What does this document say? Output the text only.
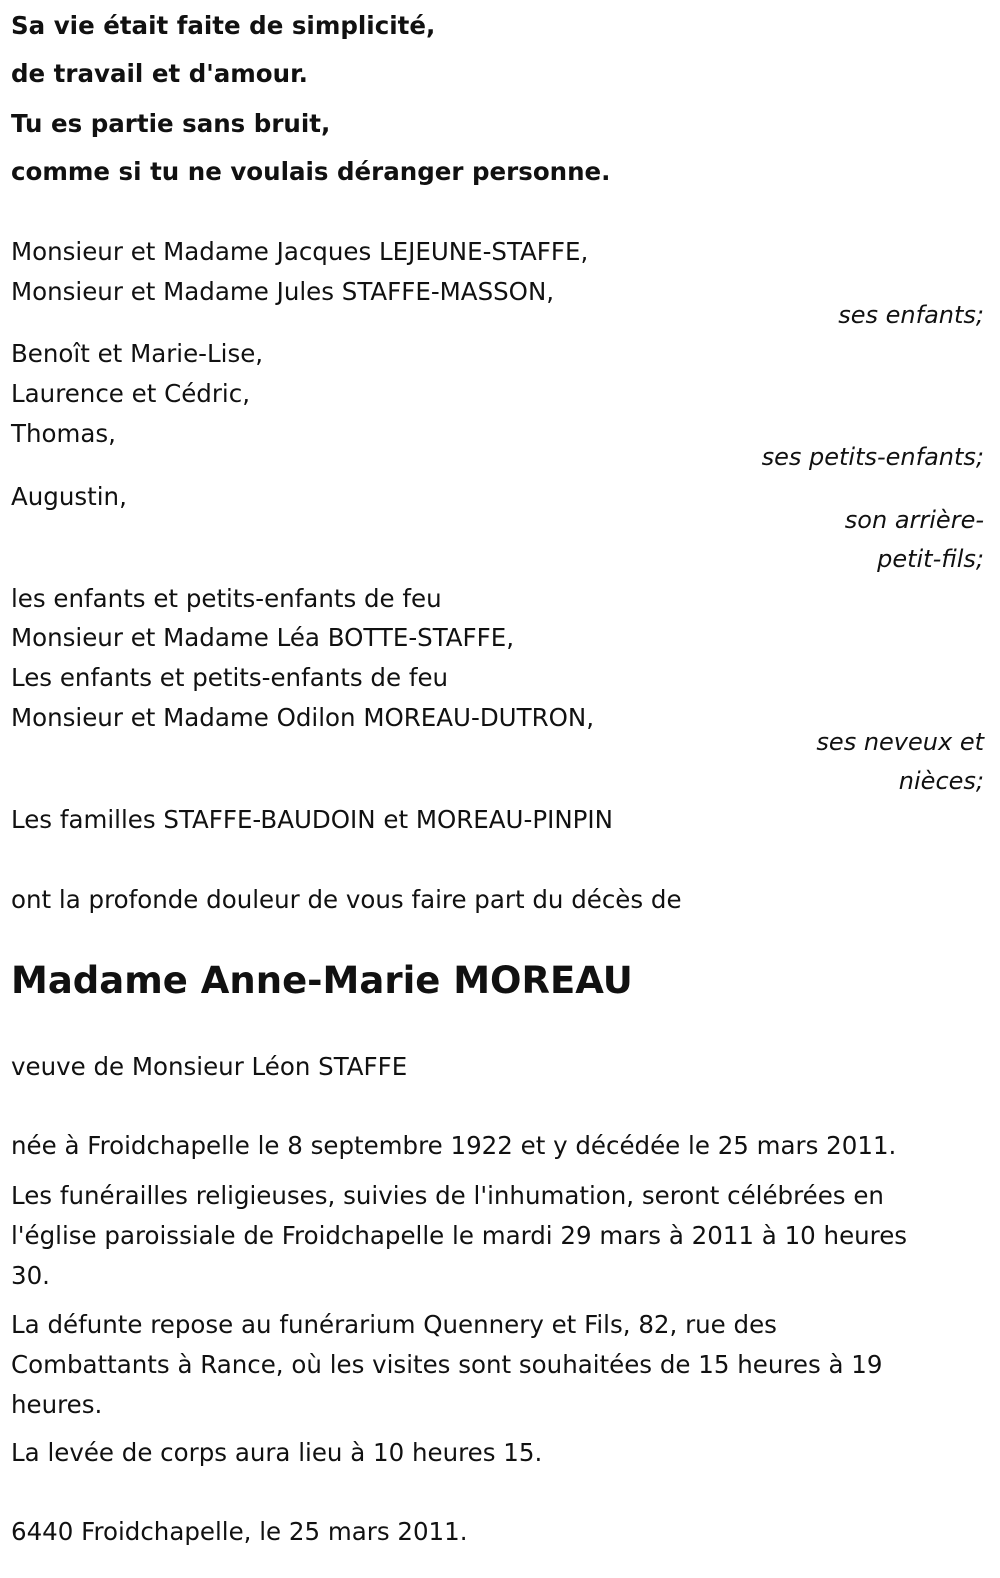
Sa vie était faite de simplicité,

de travail et d'amour.

Tu es partie sans bruit,

comme si tu ne voulais déranger personne.

Monsieur et Madame Jacques LEJEUNE-STAFFE,

Monsieur et Madame Jules STAFFE-MASSON,

ses enfants;

Benoît et Marie-Lise,

Laurence et Cédric,

Thomas,

ses petits-enfants;

Augustin,

son arrière-

petit-fils;

les enfants et petits-enfants de feu

Monsieur et Madame Léa BOTTE-STAFFE,

Les enfants et petits-enfants de feu

Monsieur et Madame Odilon MOREAU-DUTRON,

ses neveux et

nièces;

Les familles STAFFE-BAUDOIN et MOREAU-PINPIN

ont la profonde douleur de vous faire part du décès de

Madame Anne-Marie MOREAU

veuve de Monsieur Léon STAFFE

née à Froidchapelle le 8 septembre 1922 et y décédée le 25 mars 2011.

Les funérailles religieuses, suivies de l'inhumation, seront célébrées en

l'église paroissiale de Froidchapelle le mardi 29 mars à 2011 à 10 heures

30.

La défunte repose au funérarium Quennery et Fils, 82, rue des

Combattants à Rance, où les visites sont souhaitées de 15 heures à 19

heures.

La levée de corps aura lieu à 10 heures 15.

6440 Froidchapelle, le 25 mars 2011.
